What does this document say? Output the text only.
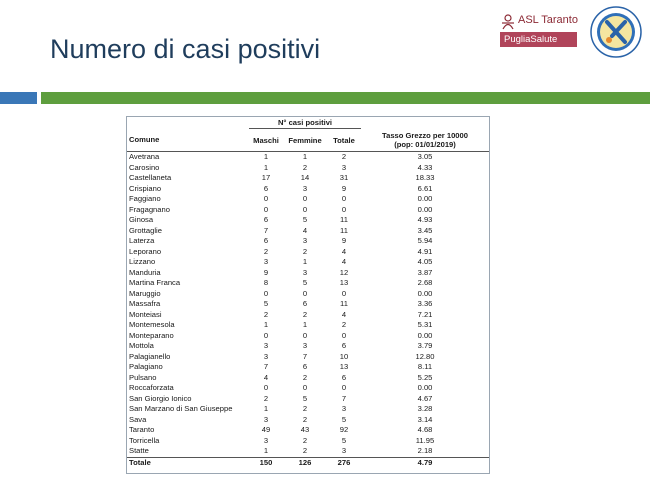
Numero di casi positivi
ASL Taranto
PugliaSalute
	N° casi positivi			
Comune	Maschi	Femmine	Totale	Tasso Grezzo per 10000
(pop: 01/01/2019)
Avetrana	1	1	2	3.05
Carosino	1	2	3	4.33
Castellaneta	17	14	31	18.33
Crispiano	6	3	9	6.61
Faggiano	0	0	0	0.00
Fragagnano	0	0	0	0.00
Ginosa	6	5	11	4.93
Grottaglie	7	4	11	3.45
Laterza	6	3	9	5.94
Leporano	2	2	4	4.91
Lizzano	3	1	4	4.05
Manduria	9	3	12	3.87
Martina Franca	8	5	13	2.68
Maruggio	0	0	0	0.00
Massafra	5	6	11	3.36
Monteiasi	2	2	4	7.21
Montemesola	1	1	2	5.31
Monteparano	0	0	0	0.00
Mottola	3	3	6	3.79
Palagianello	3	7	10	12.80
Palagiano	7	6	13	8.11
Pulsano	4	2	6	5.25
Roccaforzata	0	0	0	0.00
San Giorgio Ionico	2	5	7	4.67
San Marzano di San Giuseppe	1	2	3	3.28
Sava	3	2	5	3.14
Taranto	49	43	92	4.68
Torricella	3	2	5	11.95
Statte	1	2	3	2.18
Totale	150	126	276	4.79
